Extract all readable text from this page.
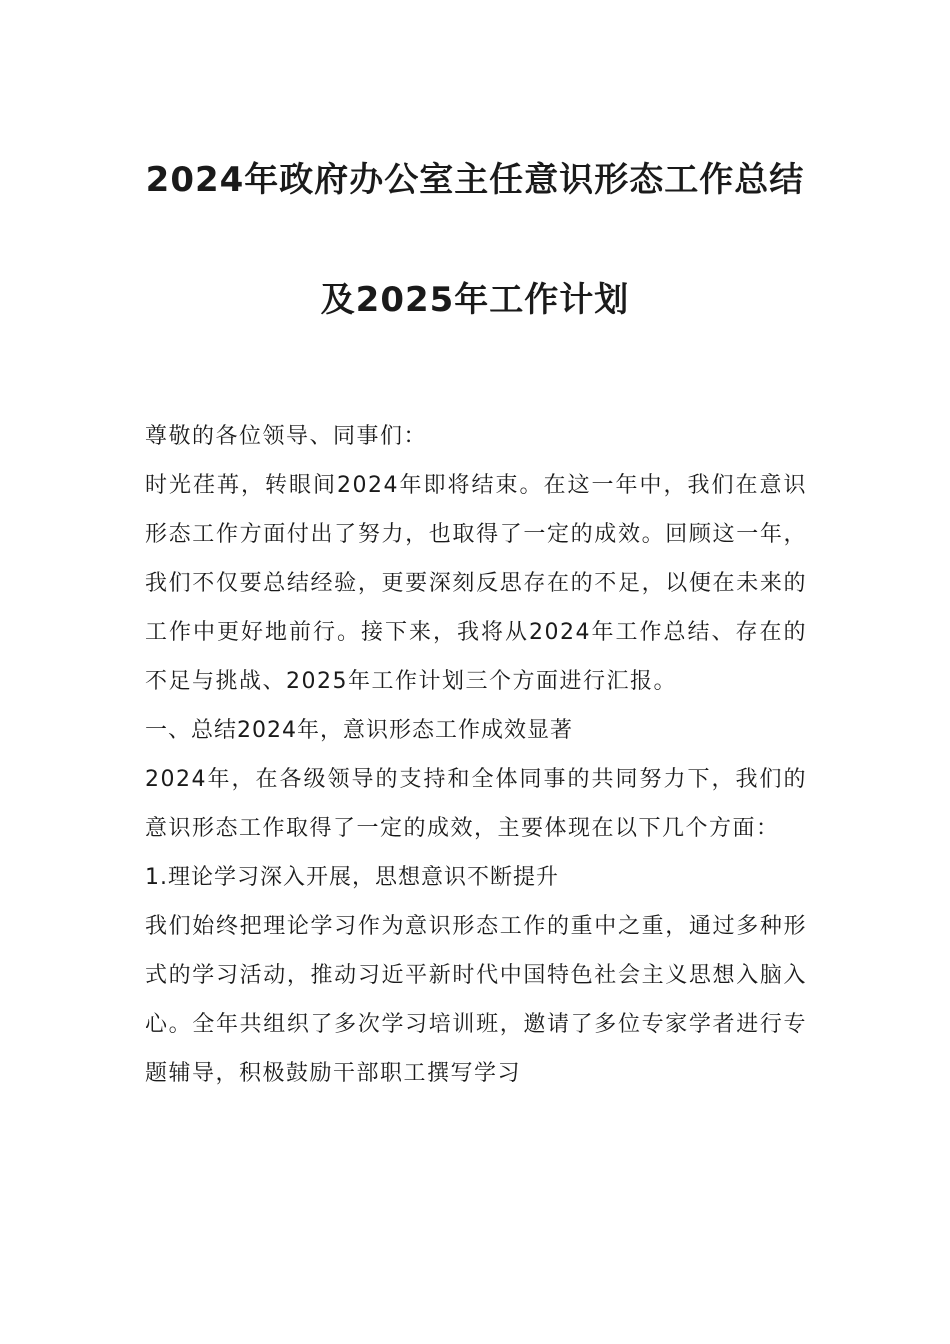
2024年政府办公室主任意识形态工作总结
及2025年工作计划

尊敬的各位领导、同事们：

时光荏苒，转眼间2024年即将结束。在这一年中，我们在意识形态工作方面付出了努力，也取得了一定的成效。回顾这一年，我们不仅要总结经验，更要深刻反思存在的不足，以便在未来的工作中更好地前行。接下来，我将从2024年工作总结、存在的不足与挑战、2025年工作计划三个方面进行汇报。

一、总结2024年，意识形态工作成效显著

2024年，在各级领导的支持和全体同事的共同努力下，我们的意识形态工作取得了一定的成效，主要体现在以下几个方面：

1.理论学习深入开展，思想意识不断提升

我们始终把理论学习作为意识形态工作的重中之重，通过多种形式的学习活动，推动习近平新时代中国特色社会主义思想入脑入心。全年共组织了多次学习培训班，邀请了多位专家学者进行专题辅导，积极鼓励干部职工撰写学习
